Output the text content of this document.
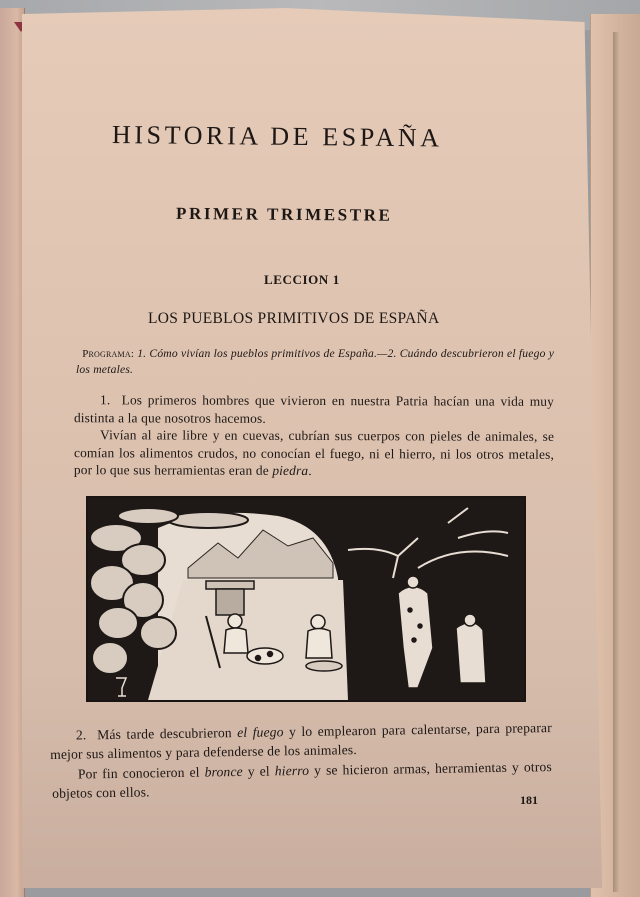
HISTORIA DE ESPAÑA
PRIMER TRIMESTRE
LECCION 1
LOS PUEBLOS PRIMITIVOS DE ESPAÑA
Programa: 1. Cómo vivían los pueblos primitivos de España.—2. Cuándo descubrieron el fuego y los metales.
1. Los primeros hombres que vivieron en nuestra Patria hacían una vida muy distinta a la que nosotros hacemos.
Vivían al aire libre y en cuevas, cubrían sus cuerpos con pieles de animales, se comían los alimentos crudos, no conocían el fuego, ni el hierro, ni los otros metales, por lo que sus herramientas eran de piedra.
2. Más tarde descubrieron el fuego y lo emplearon para calentarse, para preparar mejor sus alimentos y para defenderse de los animales.
Por fin conocieron el bronce y el hierro y se hicieron armas, herramientas y otros objetos con ellos.	181
